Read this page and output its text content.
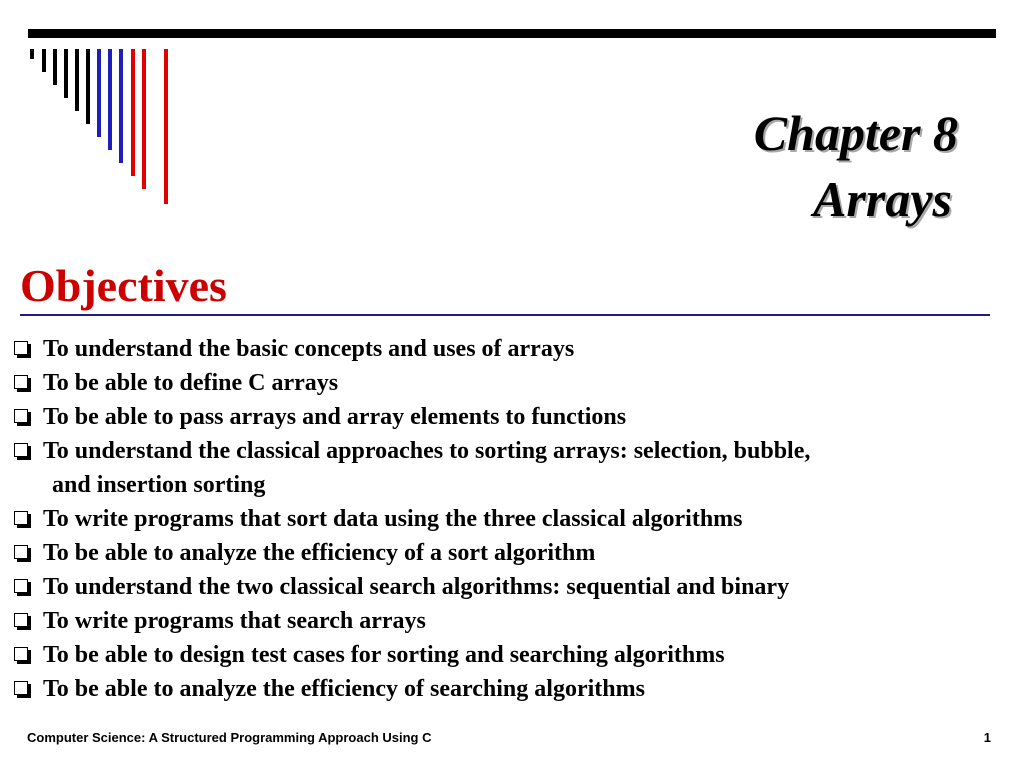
Chapter 8
Arrays
Objectives
To understand the basic concepts and uses of arrays
To be able to define C arrays
To be able to pass arrays and array elements to functions
To understand the classical approaches to sorting arrays: selection, bubble,
and insertion sorting
To write programs that sort data using the three classical algorithms
To be able to analyze the efficiency of a sort algorithm
To understand the two classical search algorithms: sequential and binary
To write programs that search arrays
To be able to design test cases for sorting and searching algorithms
To be able to analyze the efficiency of searching algorithms
Computer Science: A Structured Programming Approach Using C	1
